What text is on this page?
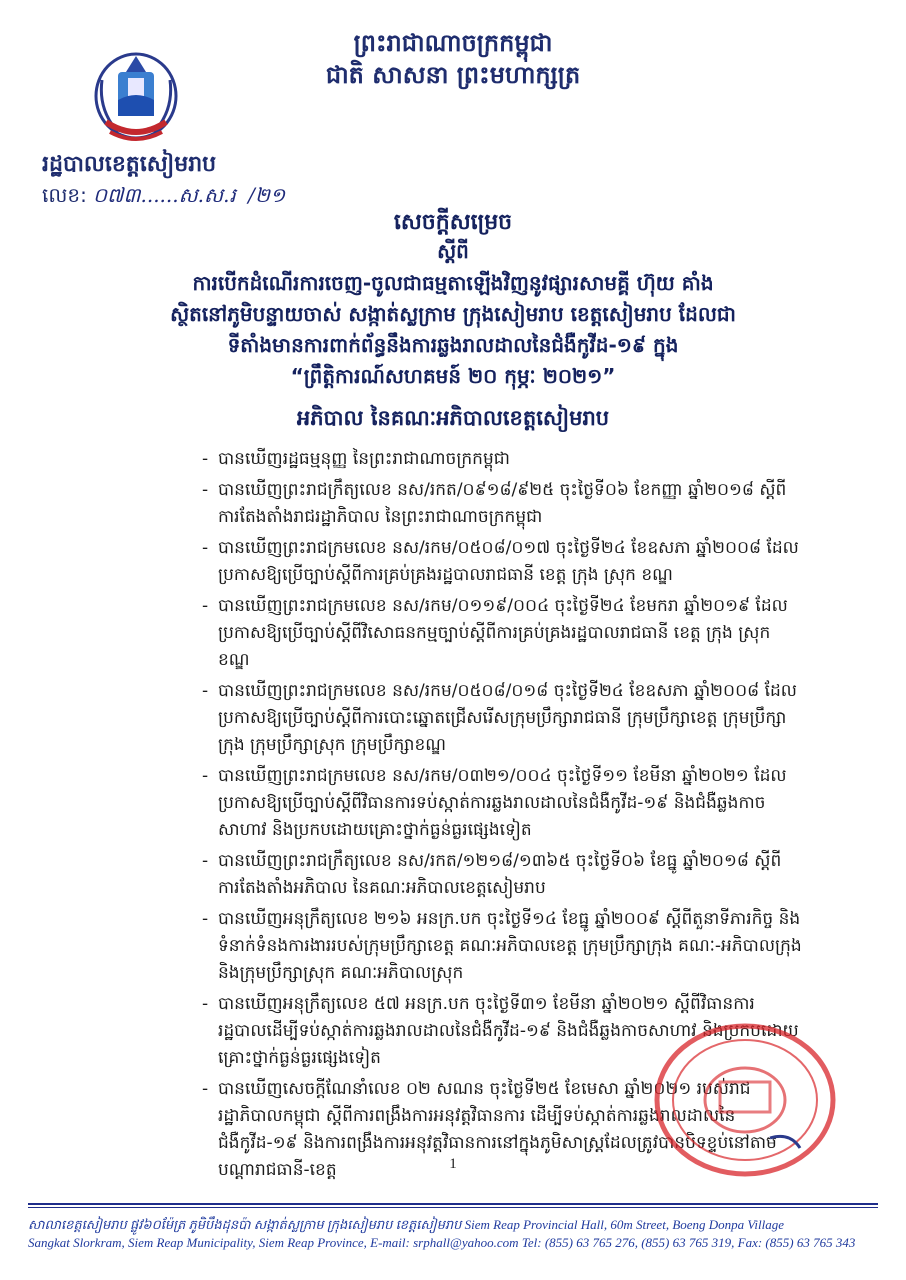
ព្រះរាជាណាចក្រកម្ពុជា
ជាតិ សាសនា ព្រះមហាក្សត្រ
រដ្ឋបាលខេត្តសៀមរាប
លេខ: ០៧៣......ស.ស.រ /២១
សេចក្តីសម្រេច
ស្តីពី
ការបើកដំណើរការចេញ-ចូលជាធម្មតាឡើងវិញនូវផ្សារសាមគ្គី ហ៊ុយ គាំង
ស្ថិតនៅភូមិបន្ទាយចាស់ សង្កាត់ស្លក្រាម ក្រុងសៀមរាប ខេត្តសៀមរាប ដែលជា
ទីតាំងមានការពាក់ព័ន្ធនឹងការឆ្លងរាលដាលនៃជំងឺកូវីដ-១៩ ក្នុង
“ព្រឹត្តិការណ៍សហគមន៍ ២០ កុម្ភៈ ២០២១”
អភិបាល នៃគណៈអភិបាលខេត្តសៀមរាប
- បានឃើញរដ្ឋធម្មនុញ្ញ នៃព្រះរាជាណាចក្រកម្ពុជា
- បានឃើញព្រះរាជក្រឹត្យលេខ នស/រកត/០៩១៨/៩២៥ ចុះថ្ងៃទី០៦ ខែកញ្ញា ឆ្នាំ២០១៨ ស្តីពីការតែងតាំងរាជរដ្ឋាភិបាល នៃព្រះរាជាណាចក្រកម្ពុជា
- បានឃើញព្រះរាជក្រមលេខ នស/រកម/០៥០៨/០១៧ ចុះថ្ងៃទី២៤ ខែឧសភា ឆ្នាំ២០០៨ ដែលប្រកាសឱ្យប្រើច្បាប់ស្តីពីការគ្រប់គ្រងរដ្ឋបាលរាជធានី ខេត្ត ក្រុង ស្រុក ខណ្ឌ
- បានឃើញព្រះរាជក្រមលេខ នស/រកម/០១១៩/០០៤ ចុះថ្ងៃទី២៤ ខែមករា ឆ្នាំ២០១៩ ដែលប្រកាសឱ្យប្រើច្បាប់ស្តីពីវិសោធនកម្មច្បាប់ស្តីពីការគ្រប់គ្រងរដ្ឋបាលរាជធានី ខេត្ត ក្រុង ស្រុក ខណ្ឌ
- បានឃើញព្រះរាជក្រមលេខ នស/រកម/០៥០៨/០១៨ ចុះថ្ងៃទី២៤ ខែឧសភា ឆ្នាំ២០០៨ ដែលប្រកាសឱ្យប្រើច្បាប់ស្តីពីការបោះឆ្នោតជ្រើសរើសក្រុមប្រឹក្សារាជធានី ក្រុមប្រឹក្សាខេត្ត ក្រុមប្រឹក្សាក្រុង ក្រុមប្រឹក្សាស្រុក ក្រុមប្រឹក្សាខណ្ឌ
- បានឃើញព្រះរាជក្រមលេខ នស/រកម/០៣២១/០០៤ ចុះថ្ងៃទី១១ ខែមីនា ឆ្នាំ២០២១ ដែលប្រកាសឱ្យប្រើច្បាប់ស្តីពីវិធានការទប់ស្កាត់ការឆ្លងរាលដាលនៃជំងឺកូវីដ-១៩ និងជំងឺឆ្លងកាចសាហាវ និងប្រកបដោយគ្រោះថ្នាក់ធ្ងន់ធ្ងរផ្សេងទៀត
- បានឃើញព្រះរាជក្រឹត្យលេខ នស/រកត/១២១៨/១៣៦៥ ចុះថ្ងៃទី០៦ ខែធ្នូ ឆ្នាំ២០១៨ ស្តីពីការតែងតាំងអភិបាល នៃគណៈអភិបាលខេត្តសៀមរាប
- បានឃើញអនុក្រឹត្យលេខ ២១៦ អនក្រ.បក ចុះថ្ងៃទី១៤ ខែធ្នូ ឆ្នាំ២០០៩ ស្តីពីតួនាទីភារកិច្ច និងទំនាក់ទំនងការងាររបស់ក្រុមប្រឹក្សាខេត្ត គណៈអភិបាលខេត្ត ក្រុមប្រឹក្សាក្រុង គណៈ-អភិបាលក្រុង និងក្រុមប្រឹក្សាស្រុក គណៈអភិបាលស្រុក
- បានឃើញអនុក្រឹត្យលេខ ៥៧ អនក្រ.បក ចុះថ្ងៃទី៣១ ខែមីនា ឆ្នាំ២០២១ ស្តីពីវិធានការរដ្ឋបាលដើម្បីទប់ស្កាត់ការឆ្លងរាលដាលនៃជំងឺកូវីដ-១៩ និងជំងឺឆ្លងកាចសាហាវ និងប្រកបដោយគ្រោះថ្នាក់ធ្ងន់ធ្ងរផ្សេងទៀត
- បានឃើញសេចក្តីណែនាំលេខ ០២ សណន ចុះថ្ងៃទី២៥ ខែមេសា ឆ្នាំ២០២១ របស់រាជរដ្ឋាភិបាលកម្ពុជា ស្តីពីការពង្រឹងការអនុវត្តវិធានការ ដើម្បីទប់ស្កាត់ការឆ្លងរាលដាលនៃជំងឺកូវីដ-១៩ និងការពង្រឹងការអនុវត្តវិធានការនៅក្នុងភូមិសាស្ត្រដែលត្រូវបានបិទខ្ទប់នៅតាមបណ្តារាជធានី-ខេត្ត	1
សាលាខេត្តសៀមរាប ផ្លូវ៦០ម៉ែត្រ ភូមិបឹងដុនប៉ា សង្កាត់ស្លក្រាម ក្រុងសៀមរាប ខេត្តសៀមរាប Siem Reap Provincial Hall, 60m Street, Boeng Donpa Village
Sangkat Slorkram, Siem Reap Municipality, Siem Reap Province, E-mail: srphall@yahoo.com Tel: (855) 63 765 276, (855) 63 765 319, Fax: (855) 63 765 343
